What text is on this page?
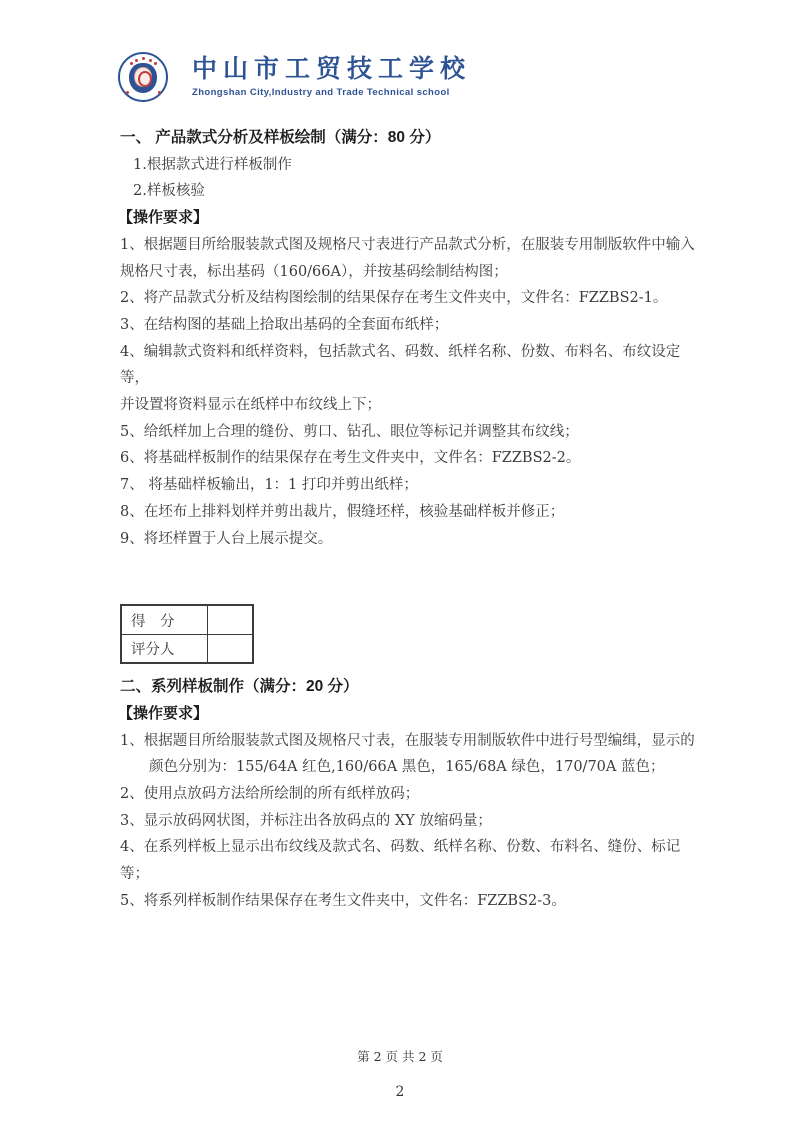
中山市工贸技工学校
Zhongshan City,Industry and Trade Technical school
一、 产品款式分析及样板绘制（满分：80 分）
1.根据款式进行样板制作
2.样板核验
【操作要求】
1、根据题目所给服装款式图及规格尺寸表进行产品款式分析，在服装专用制版软件中输入
规格尺寸表，标出基码（160/66A），并按基码绘制结构图；
2、将产品款式分析及结构图绘制的结果保存在考生文件夹中，文件名：FZZBS2-1。
3、在结构图的基础上拾取出基码的全套面布纸样；
4、编辑款式资料和纸样资料，包括款式名、码数、纸样名称、份数、布料名、布纹设定等，
并设置将资料显示在纸样中布纹线上下；
5、给纸样加上合理的缝份、剪口、钻孔、眼位等标记并调整其布纹线；
6、将基础样板制作的结果保存在考生文件夹中，文件名：FZZBS2-2。
7、 将基础样板输出，1：1 打印并剪出纸样；
8、在坯布上排料划样并剪出裁片，假缝坯样，核验基础样板并修正；
9、将坯样置于人台上展示提交。
得　分	
评分人	
二、系列样板制作（满分：20 分）
【操作要求】
1、根据题目所给服装款式图及规格尺寸表，在服装专用制版软件中进行号型编缉，显示的
颜色分别为：155/64A 红色,160/66A 黑色，165/68A 绿色，170/70A 蓝色；
2、使用点放码方法给所绘制的所有纸样放码；
3、显示放码网状图，并标注出各放码点的 XY 放缩码量；
4、在系列样板上显示出布纹线及款式名、码数、纸样名称、份数、布料名、缝份、标记等；
5、将系列样板制作结果保存在考生文件夹中，文件名：FZZBS2-3。
第 2 页 共 2 页
2
